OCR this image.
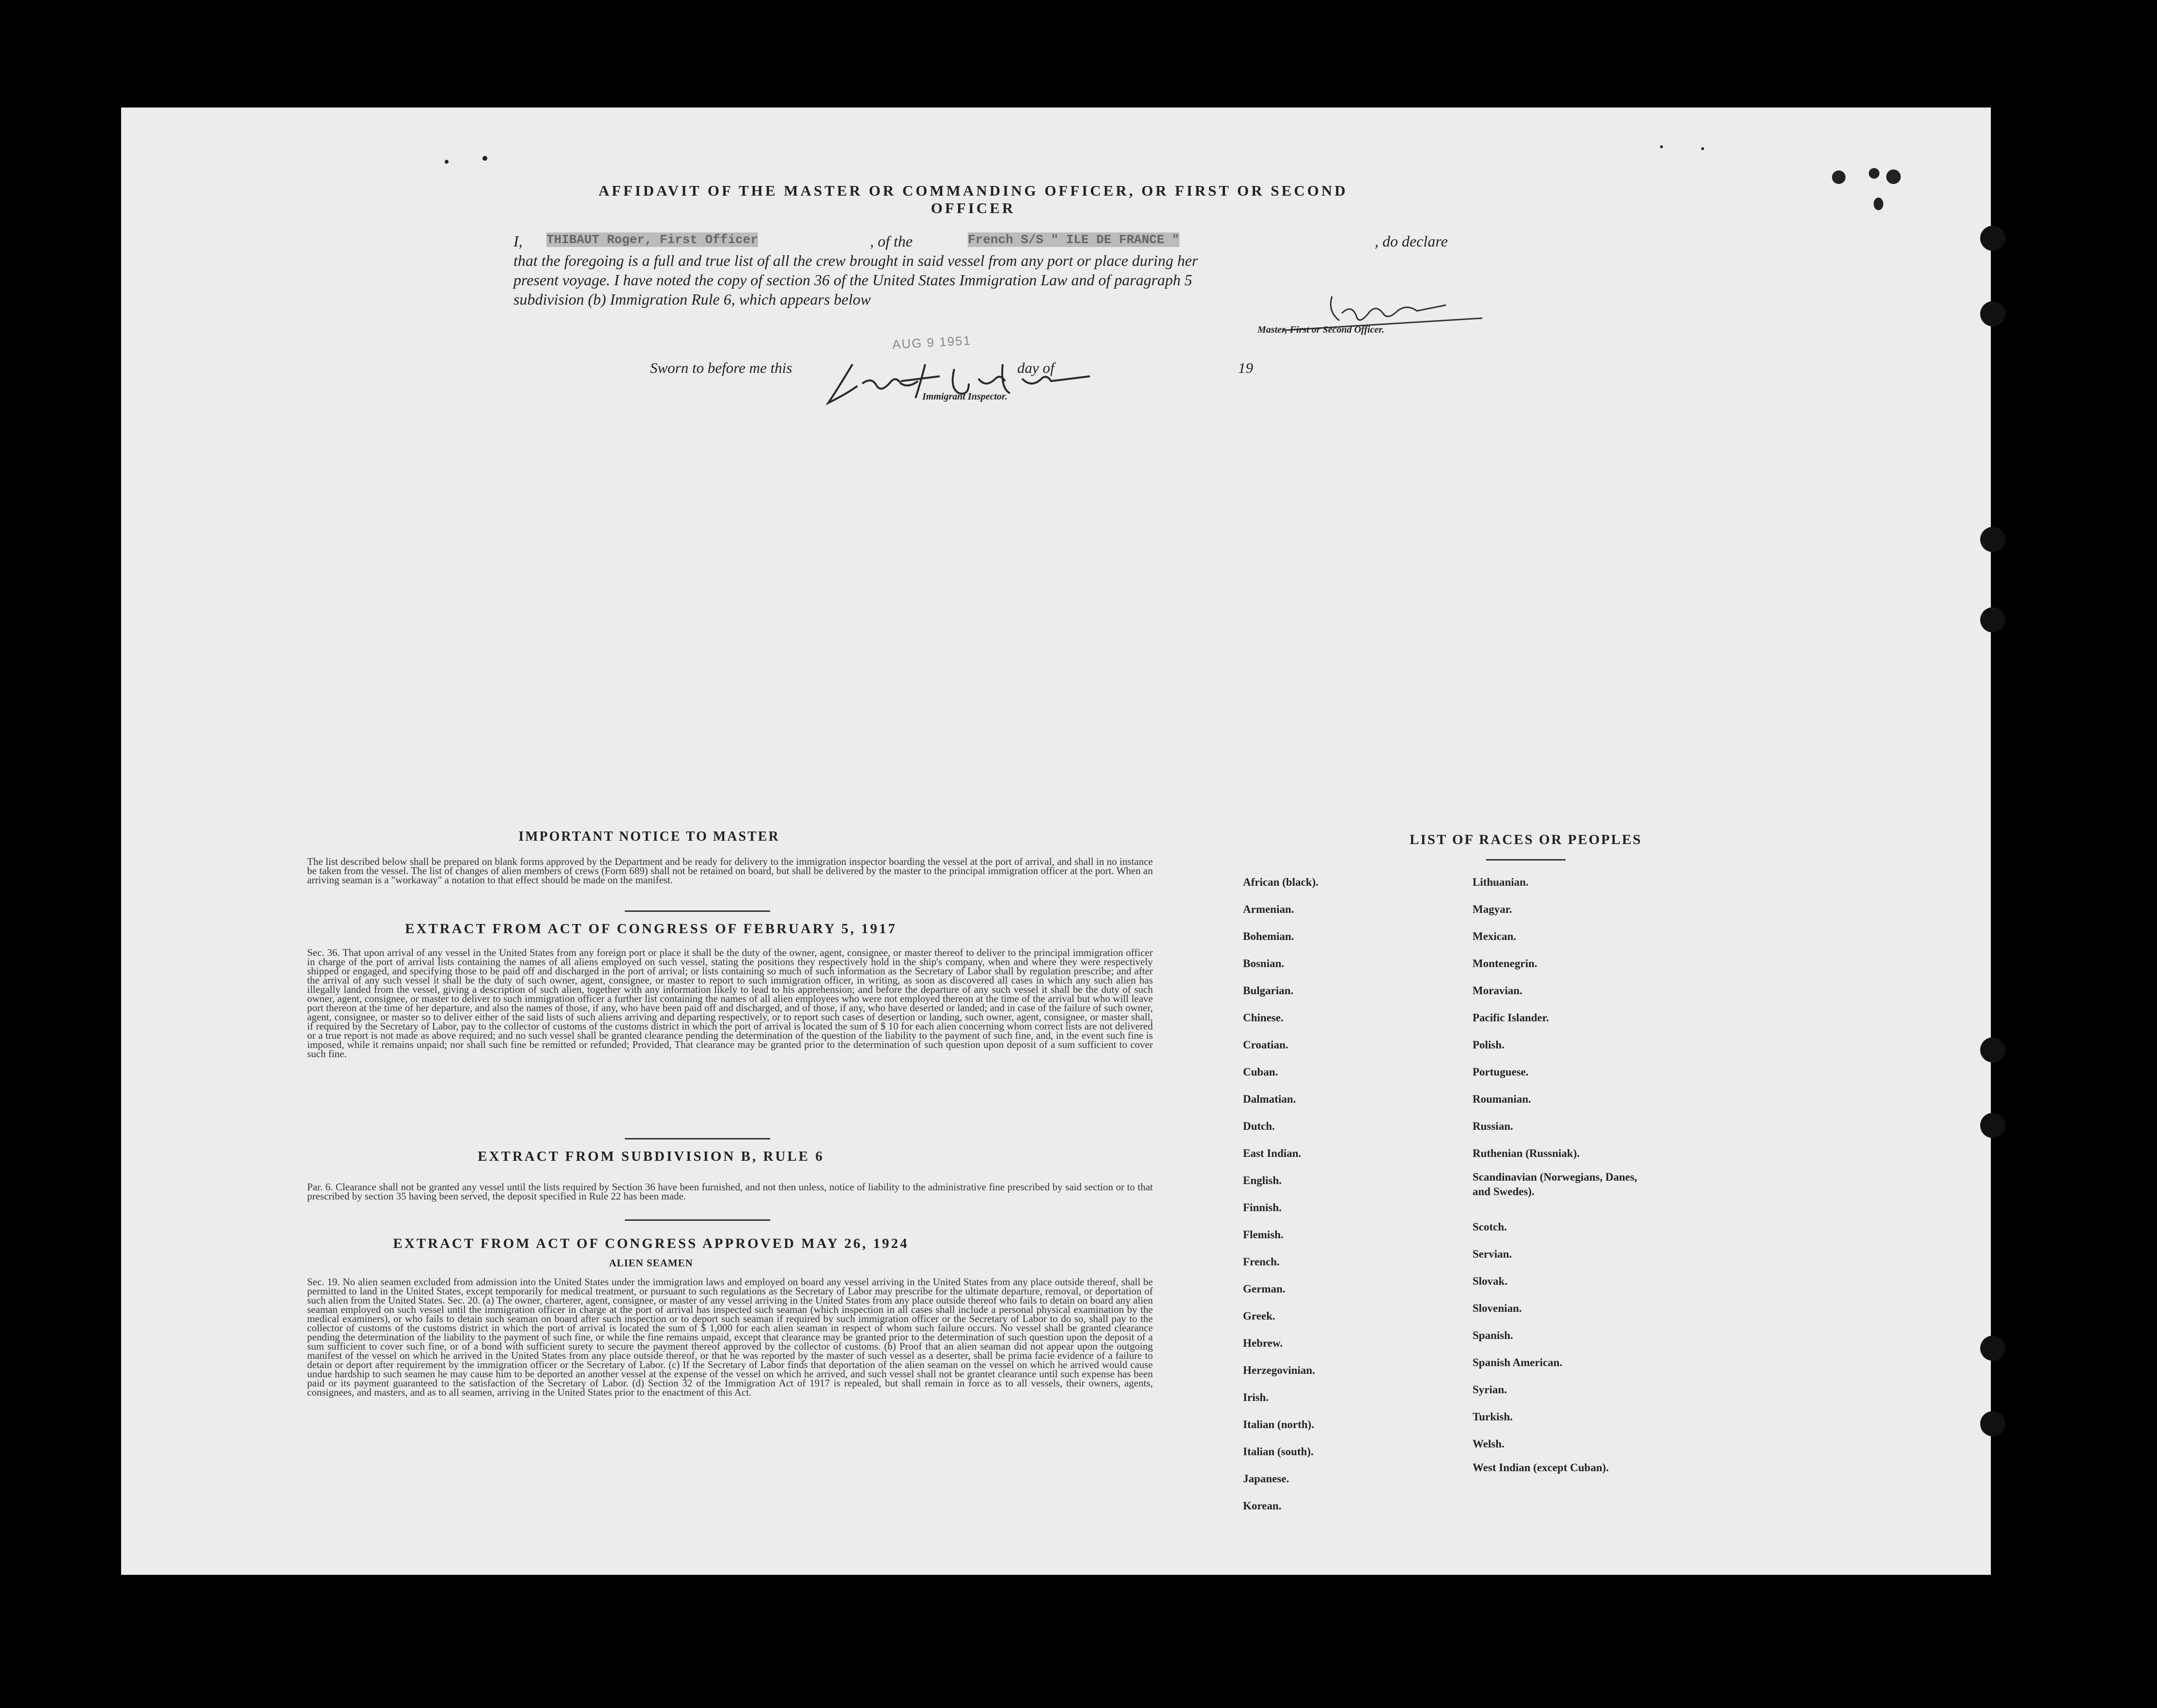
AFFIDAVIT OF THE MASTER OR COMMANDING OFFICER, OR FIRST OR SECOND OFFICER
I, THIBAUT Roger, First Officer	, of the	French S/S " ILE DE FRANCE "	, do declare
that the foregoing is a full and true list of all the crew brought in said vessel from any port or place during her
present voyage. I have noted the copy of section 36 of the United States Immigration Law and of paragraph 5
subdivision (b) Immigration Rule 6, which appears below
Master, First or Second Officer.
AUG 9 1951
Sworn to before me this	day of	19
Immigrant Inspector.
IMPORTANT NOTICE TO MASTER
The list described below shall be prepared on blank forms approved by the Department and be ready for delivery to the immigration inspector boarding the vessel at the port of arrival, and shall in no instance be taken from the vessel. The list of changes of alien members of crews (Form 689) shall not be retained on board, but shall be delivered by the master to the principal immigration officer at the port. When an arriving seaman is a "workaway" a notation to that effect should be made on the manifest.
EXTRACT FROM ACT OF CONGRESS OF FEBRUARY 5, 1917
Sec. 36. That upon arrival of any vessel in the United States from any foreign port or place it shall be the duty of the owner, agent, consignee, or master thereof to deliver to the principal immigration officer in charge of the port of arrival lists containing the names of all aliens employed on such vessel, stating the positions they respectively hold in the ship's company, when and where they were respectively shipped or engaged, and specifying those to be paid off and discharged in the port of arrival; or lists containing so much of such information as the Secretary of Labor shall by regulation prescribe; and after the arrival of any such vessel it shall be the duty of such owner, agent, consignee, or master to report to such immigration officer, in writing, as soon as discovered all cases in which any such alien has illegally landed from the vessel, giving a description of such alien, together with any information likely to lead to his apprehension; and before the departure of any such vessel it shall be the duty of such owner, agent, consignee, or master to deliver to such immigration officer a further list containing the names of all alien employees who were not employed thereon at the time of the arrival but who will leave port thereon at the time of her departure, and also the names of those, if any, who have been paid off and discharged, and of those, if any, who have deserted or landed; and in case of the failure of such owner, agent, consignee, or master so to deliver either of the said lists of such aliens arriving and departing respectively, or to report such cases of desertion or landing, such owner, agent, consignee, or master shall, if required by the Secretary of Labor, pay to the collector of customs of the customs district in which the port of arrival is located the sum of $ 10 for each alien concerning whom correct lists are not delivered or a true report is not made as above required; and no such vessel shall be granted clearance pending the determination of the question of the liability to the payment of such fine, and, in the event such fine is imposed, while it remains unpaid; nor shall such fine be remitted or refunded; Provided, That clearance may be granted prior to the determination of such question upon deposit of a sum sufficient to cover such fine.
EXTRACT FROM SUBDIVISION B, RULE 6
Par. 6. Clearance shall not be granted any vessel until the lists required by Section 36 have been furnished, and not then unless, notice of liability to the administrative fine prescribed by said section or to that prescribed by section 35 having been served, the deposit specified in Rule 22 has been made.
EXTRACT FROM ACT OF CONGRESS APPROVED MAY 26, 1924
ALIEN SEAMEN
Sec. 19. No alien seamen excluded from admission into the United States under the immigration laws and employed on board any vessel arriving in the United States from any place outside thereof, shall be permitted to land in the United States, except temporarily for medical treatment, or pursuant to such regulations as the Secretary of Labor may prescribe for the ultimate departure, removal, or deportation of such alien from the United States. Sec. 20. (a) The owner, charterer, agent, consignee, or master of any vessel arriving in the United States from any place outside thereof who fails to detain on board any alien seaman employed on such vessel until the immigration officer in charge at the port of arrival has inspected such seaman (which inspection in all cases shall include a personal physical examination by the medical examiners), or who fails to detain such seaman on board after such inspection or to deport such seaman if required by such immigration officer or the Secretary of Labor to do so, shall pay to the collector of customs of the customs district in which the port of arrival is located the sum of $ 1,000 for each alien seaman in respect of whom such failure occurs. No vessel shall be granted clearance pending the determination of the liability to the payment of such fine, or while the fine remains unpaid, except that clearance may be granted prior to the determination of such question upon the deposit of a sum sufficient to cover such fine, or of a bond with sufficient surety to secure the payment thereof approved by the collector of customs. (b) Proof that an alien seaman did not appear upon the outgoing manifest of the vessel on which he arrived in the United States from any place outside thereof, or that he was reported by the master of such vessel as a deserter, shall be prima facie evidence of a failure to detain or deport after requirement by the immigration officer or the Secretary of Labor. (c) If the Secretary of Labor finds that deportation of the alien seaman on the vessel on which he arrived would cause undue hardship to such seamen he may cause him to be deported an another vessel at the expense of the vessel on which he arrived, and such vessel shall not be grantet clearance until such expense has been paid or its payment guaranteed to the satisfaction of the Secretary of Labor. (d) Section 32 of the Immigration Act of 1917 is repealed, but shall remain in force as to all vessels, their owners, agents, consignees, and masters, and as to all seamen, arriving in the United States prior to the enactment of this Act.
LIST OF RACES OR PEOPLES
African (black).
Armenian.
Bohemian.
Bosnian.
Bulgarian.
Chinese.
Croatian.
Cuban.
Dalmatian.
Dutch.
East Indian.
English.
Finnish.
Flemish.
French.
German.
Greek.
Hebrew.
Herzegovinian.
Irish.
Italian (north).
Italian (south).
Japanese.
Korean.
Lithuanian.
Magyar.
Mexican.
Montenegrin.
Moravian.
Pacific Islander.
Polish.
Portuguese.
Roumanian.
Russian.
Ruthenian (Russniak).
Scandinavian (Norwegians, Danes, and Swedes).
Scotch.
Servian.
Slovak.
Slovenian.
Spanish.
Spanish American.
Syrian.
Turkish.
Welsh.
West Indian (except Cuban).
